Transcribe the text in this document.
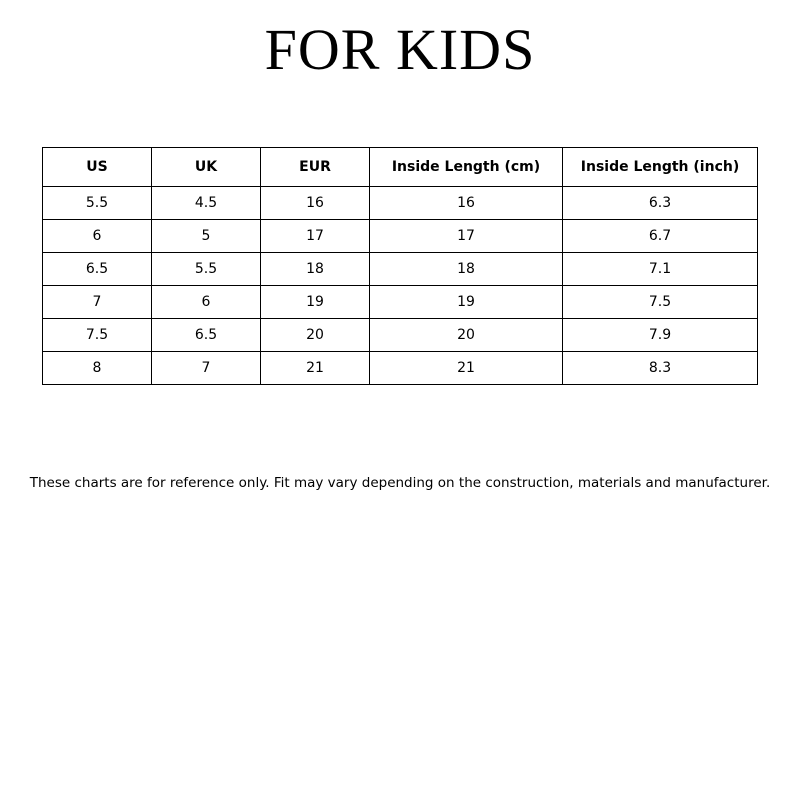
FOR KIDS
US	UK	EUR	Inside Length (cm)	Inside Length (inch)
5.5	4.5	16	16	6.3
6	5	17	17	6.7
6.5	5.5	18	18	7.1
7	6	19	19	7.5
7.5	6.5	20	20	7.9
8	7	21	21	8.3

These charts are for reference only. Fit may vary depending on the construction, materials and manufacturer.
